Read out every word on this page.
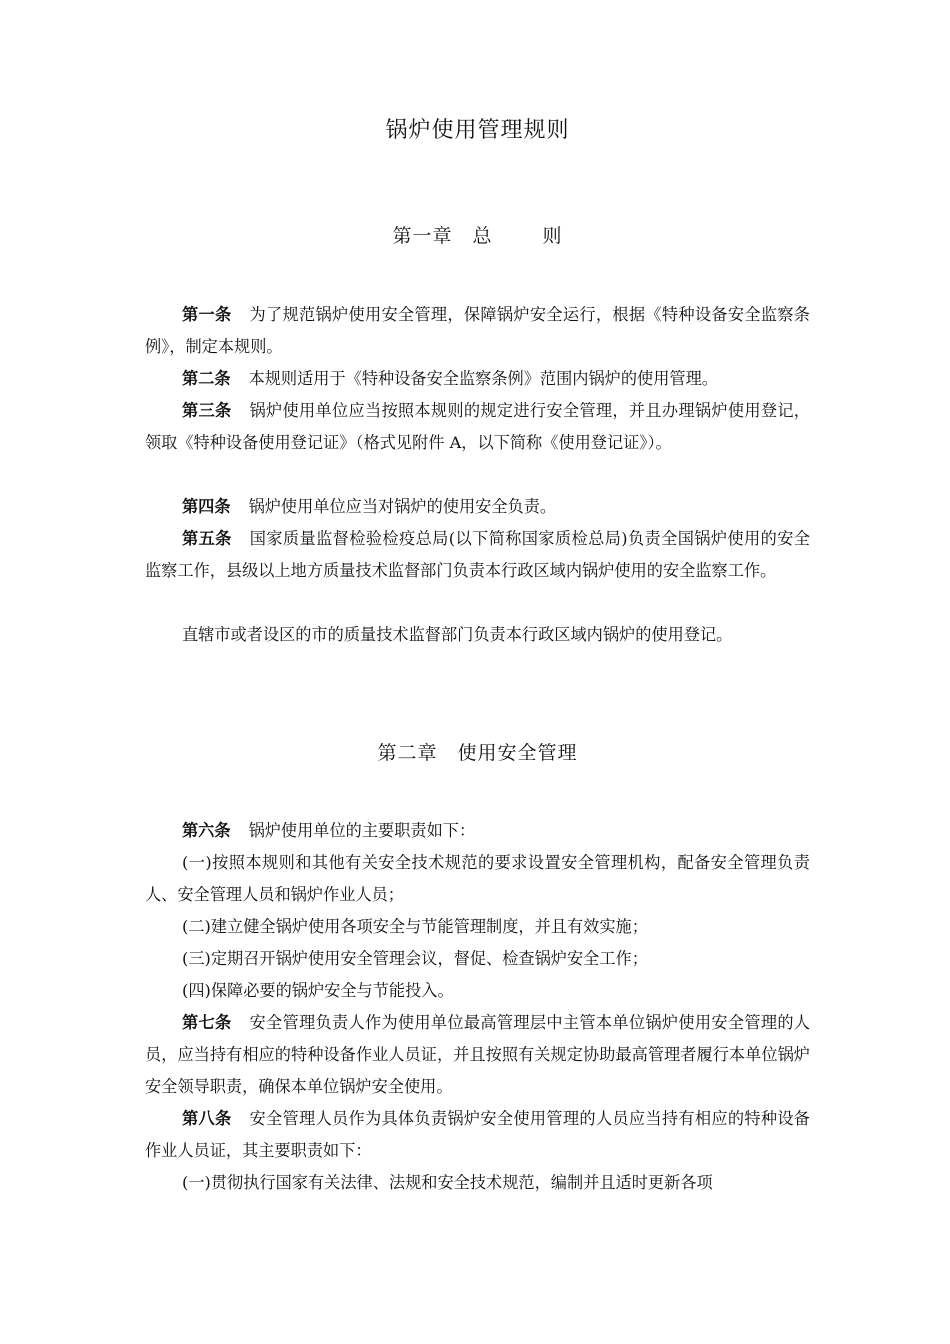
锅炉使用管理规则
第一章 总	则

第一条 为了规范锅炉使用安全管理，保障锅炉安全运行，根据《特种设备安全监察条例》，制定本规则。

第二条 本规则适用于《特种设备安全监察条例》范围内锅炉的使用管理。

第三条 锅炉使用单位应当按照本规则的规定进行安全管理，并且办理锅炉使用登记，领取《特种设备使用登记证》（格式见附件 A，以下简称《使用登记证》）。

第四条 锅炉使用单位应当对锅炉的使用安全负责。

第五条 国家质量监督检验检疫总局(以下简称国家质检总局)负责全国锅炉使用的安全监察工作，县级以上地方质量技术监督部门负责本行政区域内锅炉使用的安全监察工作。

直辖市或者设区的市的质量技术监督部门负责本行政区域内锅炉的使用登记。

第二章 使用安全管理

第六条 锅炉使用单位的主要职责如下：

(一)按照本规则和其他有关安全技术规范的要求设置安全管理机构，配备安全管理负责人、安全管理人员和锅炉作业人员；

(二)建立健全锅炉使用各项安全与节能管理制度，并且有效实施；

(三)定期召开锅炉使用安全管理会议，督促、检查锅炉安全工作；

(四)保障必要的锅炉安全与节能投入。

第七条 安全管理负责人作为使用单位最高管理层中主管本单位锅炉使用安全管理的人员，应当持有相应的特种设备作业人员证，并且按照有关规定协助最高管理者履行本单位锅炉安全领导职责，确保本单位锅炉安全使用。

第八条 安全管理人员作为具体负责锅炉安全使用管理的人员应当持有相应的特种设备作业人员证，其主要职责如下：

(一)贯彻执行国家有关法律、法规和安全技术规范，编制并且适时更新各项
